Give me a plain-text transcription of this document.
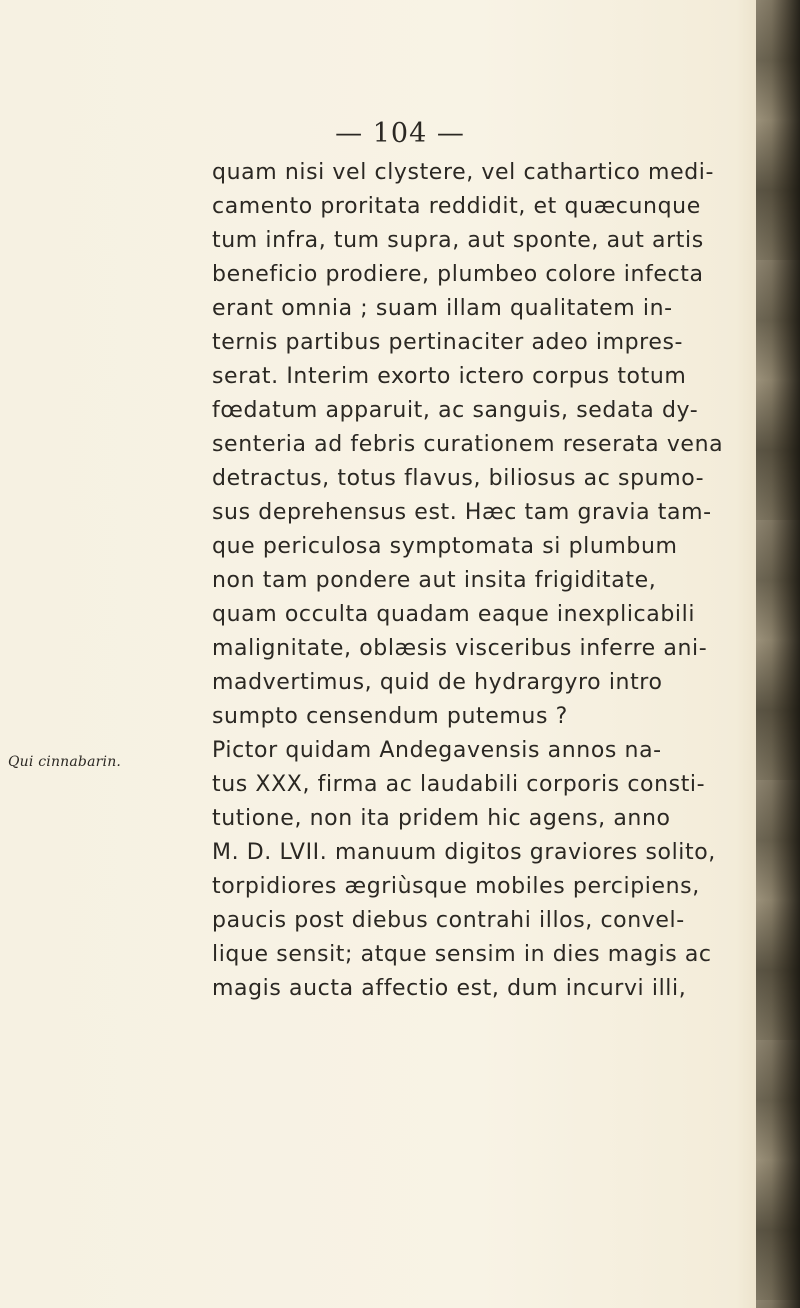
— 104 —
Qui cinnabarin.
quam nisi vel clystere, vel cathartico medi-
camento proritata reddidit, et quæcunque
tum infra, tum supra, aut sponte, aut artis
beneficio prodiere, plumbeo colore infecta
erant omnia ; suam illam qualitatem in-
ternis partibus pertinaciter adeo impres-
serat. Interim exorto ictero corpus totum
fœdatum apparuit, ac sanguis, sedata dy-
senteria ad febris curationem reserata vena
detractus, totus flavus, biliosus ac spumo-
sus deprehensus est. Hæc tam gravia tam-
que periculosa symptomata si plumbum
non tam pondere aut insita frigiditate,
quam occulta quadam eaque inexplicabili
malignitate, oblæsis visceribus inferre ani-
madvertimus, quid de hydrargyro intro
sumpto censendum putemus ?
Pictor quidam Andegavensis annos na-
tus XXX, firma ac laudabili corporis consti-
tutione, non ita pridem hic agens, anno
M. D. LVII. manuum digitos graviores solito,
torpidiores ægriùsque mobiles percipiens,
paucis post diebus contrahi illos, convel-
lique sensit; atque sensim in dies magis ac
magis aucta affectio est, dum incurvi illi,
